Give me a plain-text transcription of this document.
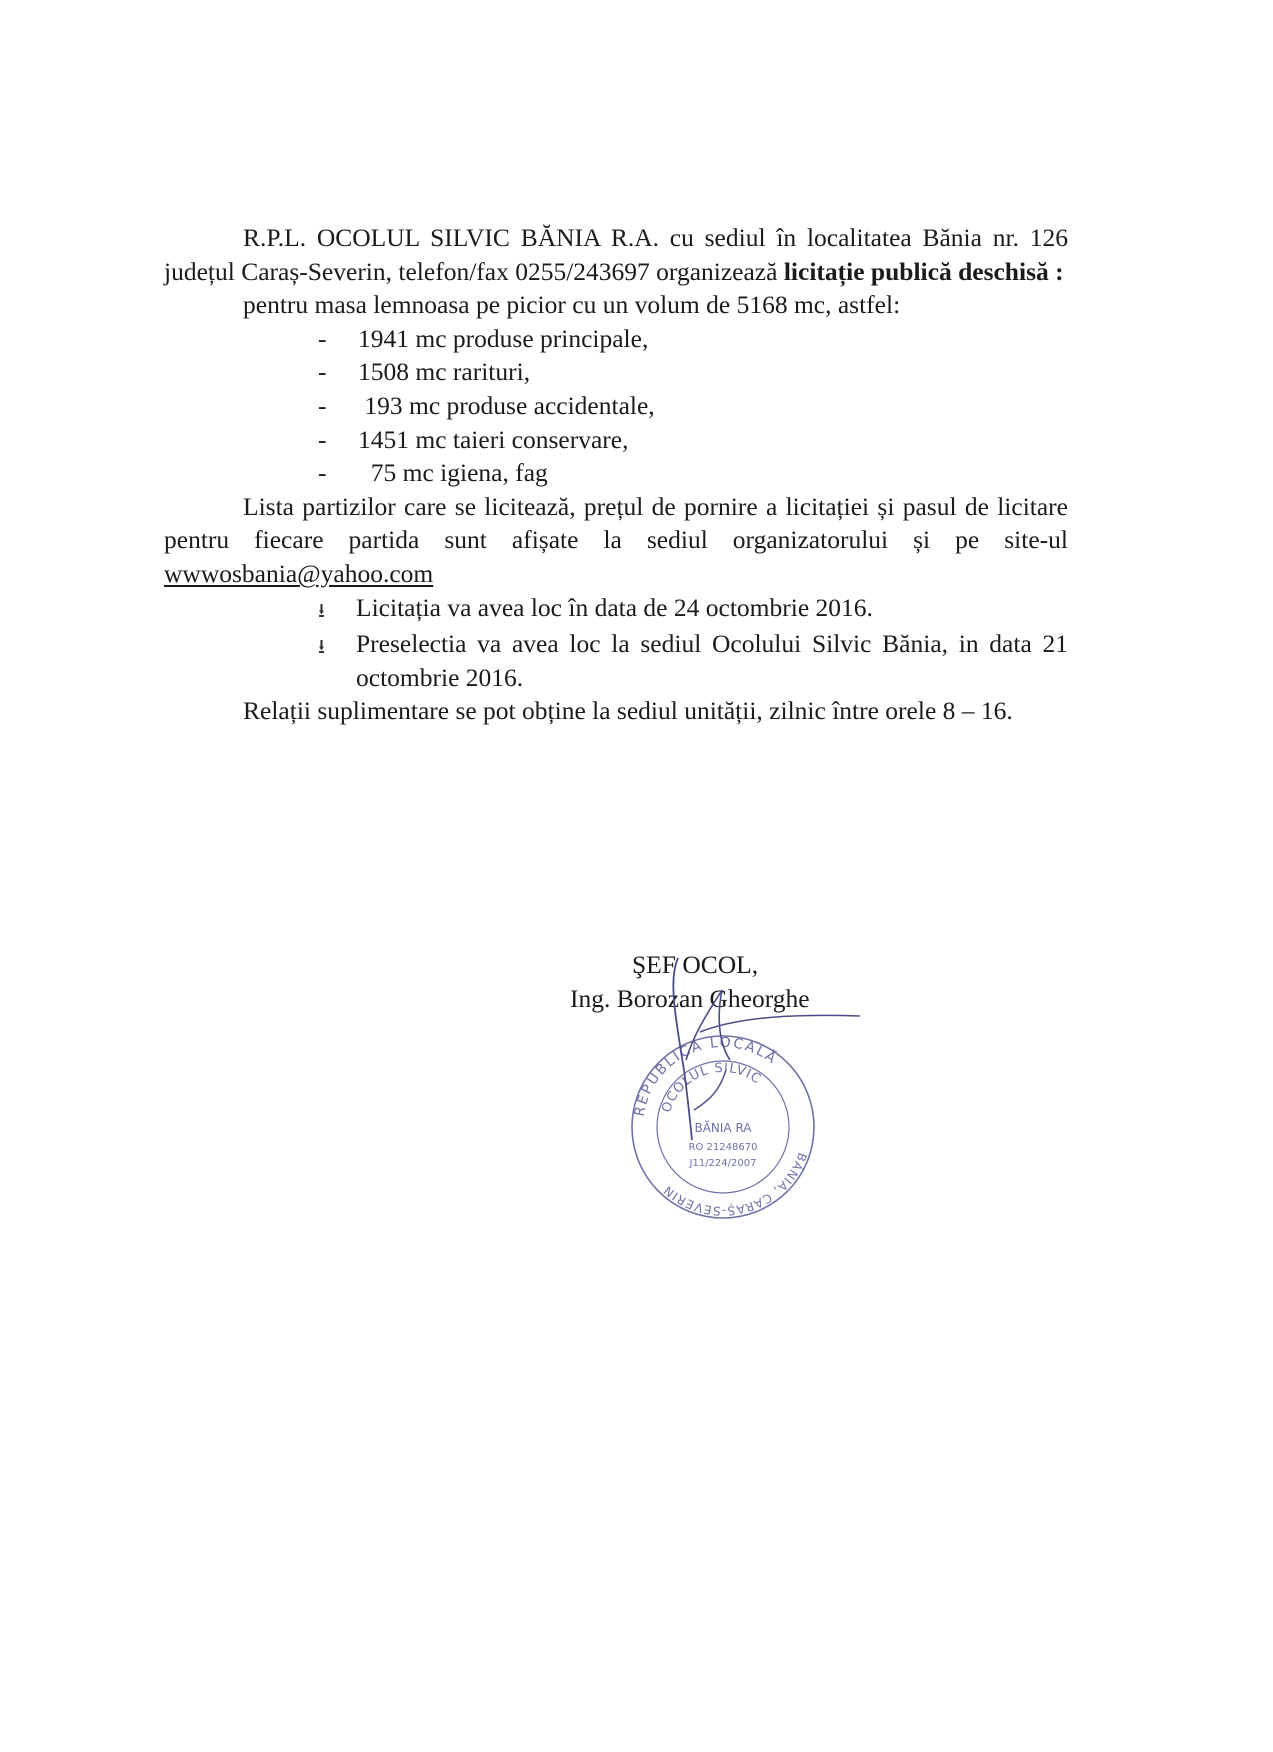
R.P.L. OCOLUL SILVIC BĂNIA R.A. cu sediul în localitatea Bănia nr. 126 județul Caraș-Severin, telefon/fax 0255/243697 organizează licitație publică deschisă :

pentru masa lemnoasa pe picior cu un volum de 5168 mc, astfel:

-	1941 mc produse principale,
-	1508 mc rarituri,
-	193 mc produse accidentale,
-	1451 mc taieri conservare,
-	75 mc igiena, fag

Lista partizilor care se licitează, prețul de pornire a licitației și pasul de licitare pentru fiecare partida sunt afișate la sediul organizatorului și pe site-ul wwwosbania@yahoo.com

⭳	Licitația va avea loc în data de 24 octombrie 2016.
⭳	Preselectia va avea loc la sediul Ocolului Silvic Bănia, in data 21 octombrie 2016.

Relații suplimentare se pot obține la sediul unității, zilnic între orele 8 – 16.

ŞEF OCOL,

Ing. Borozan Gheorghe

REPUBLICA LOCALĂ
BĂNIA, CARAȘ-SEVERIN
OCOLUL SILVIC
BĂNIA RA
RO 21248670
J11/224/2007
